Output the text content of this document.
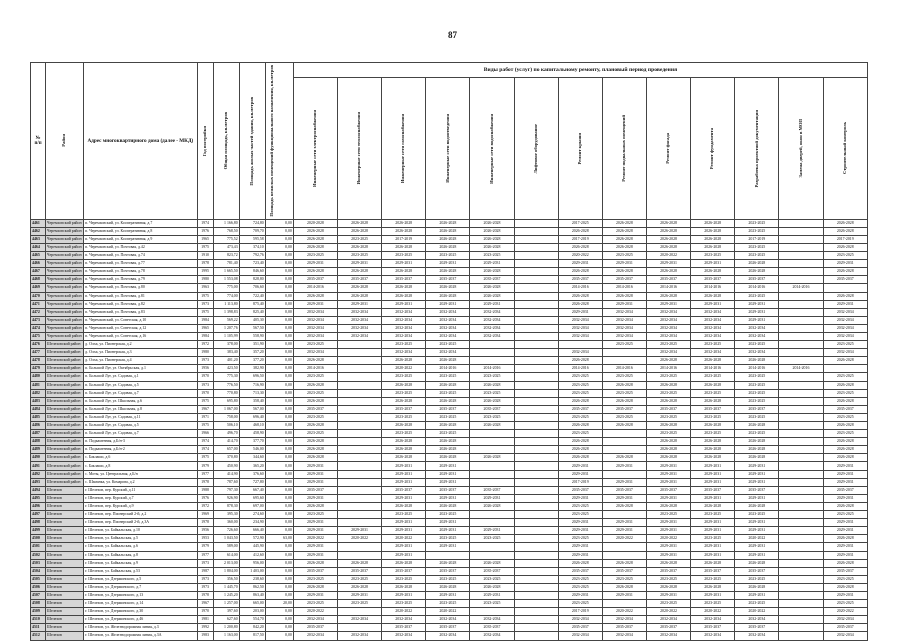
87
№
п/п	Район	Адрес многоквартирного дома (далее - МКД)	Год постройки	Общая площадь, кв.метров	Площадь жилых частей здания, кв.метров	Площадь нежилых помещений функционального назначения, кв.метров	Виды работ (услуг) по капитальному ремонту, плановый период проведения												

							Инженерные сети электроснабжения	Инженерные сети теплоснабжения	Инженерные сети газоснабжения	Инженерные сети водоотведения	Инженерные сети водоснабжения	Лифтовое оборудование	Ремонт крыши	Ремонт подвальных помещений	Ремонт фасада	Ремонт фундамента	Разработка проектной документации	Замена дверей, окон в МОП	Строительный контроль

4461	Черемховский район	п. Черемховский, ул. Кооперативная, д.7	1974	1 166,80	724,80	0,00	2020-2028	2026-2028	2026-2028	2026-2028	2026-2028		2017-2025	2026-2028	2026-2028	2026-2028	2023-2025		2026-2028
4462	Черемховский район	п. Черемховский, ул. Кооперативная, д.8	1976	768,50	709,70	0,00	2026-2028	2026-2028	2026-2028	2026-2028	2026-2028		2026-2028	2026-2028	2026-2028	2026-2028	2023-2025		2026-2028
4463	Черемховский район	п. Черемховский, ул. Кооперативная, д.9	1965	775,52	595,58	0,00	2026-2028	2023-2025	2017-2019	2026-2028	2026-2028		2017-2019	2026-2028	2026-2028	2026-2028	2017-2019		2017-2019
4464	Черемховский район	п. Черемховский, ул. Почтовая, д.42	1975	473,43	374,10	0,00	2026-2028	2026-2028	2026-2028	2026-2028	2026-2028		2026-2028	2026-2028	2026-2028	2026-2028	2023-2025		2026-2028
4465	Черемховский район	п. Черемховский, ул. Почтовая, д.74	1910	823,72	792,76	0,00	2023-2025	2023-2025	2023-2025	2023-2025	2023-2025		2020-2022	2023-2025	2020-2022	2023-2025	2023-2025		2023-2025
4466	Черемховский район	п. Черемховский, ул. Почтовая, д.77	1978	781,40	723,40	0,00	2029-2031	2029-2031	2029-2031	2029-2031	2029-2031		2029-2031	2029-2031	2029-2031	2029-2031	2026-2028		2029-2031
4467	Черемховский район	п. Черемховский, ул. Почтовая, д.78	1995	1 665,50	846,60	0,00	2026-2028	2026-2028	2026-2028	2026-2028	2026-2028		2026-2028	2026-2028	2026-2028	2026-2028	2026-2028		2026-2028
4468	Черемховский район	п. Черемховский, ул. Почтовая, д.79	1980	1 553,08	828,80	0,00	2035-2037	2035-2037	2035-2037	2035-2037	2035-2037		2035-2037	2035-2037	2035-2037	2035-2037	2035-2037		2035-2037
4469	Черемховский район	п. Черемховский, ул. Почтовая, д.80	1963	775,00	706,60	0,00	2014-2016	2026-2028	2026-2028	2026-2028	2026-2028		2014-2016	2014-2016	2014-2016	2014-2016	2014-2016	2014-2016	
4470	Черемховский район	п. Черемховский, ул. Почтовая, д.81	1975	774,00	722,40	0,00	2026-2028	2026-2028	2026-2028	2026-2028	2026-2028		2026-2028	2026-2028	2026-2028	2026-2028	2023-2025		2026-2028
4471	Черемховский район	п. Черемховский, ул. Почтовая, д.82	1973	1 113,80	875,40	0,00	2029-2031	2029-2031	2029-2031	2029-2031	2029-2031		2026-2028	2029-2031	2029-2031	2029-2031	2029-2031		2029-2031
4472	Черемховский район	п. Черемховский, ул. Почтовая, д.83	1975	1 398,83	825,40	0,00	2032-2034	2032-2034	2032-2034	2032-2034	2032-2034		2029-2031	2032-2034	2032-2034	2032-2034	2029-2031		2032-2034
4473	Черемховский район	п. Черемховский, ул. Советская, д.10	1984	569,22	405,30	0,00	2032-2034	2032-2034	2032-2034	2032-2034	2032-2034		2032-2034	2032-2034	2032-2034	2032-2034	2029-2031		2032-2034
4474	Черемховский район	п. Черемховский, ул. Советская, д.12	1965	1 207,76	567,50	0,00	2032-2034	2032-2034	2032-2034	2032-2034	2032-2034		2032-2034	2032-2034	2032-2034	2032-2034	2032-2034		2032-2034
4475	Черемховский район	п. Черемховский, ул. Советская, д.16	1984	1 105,99	558,90	0,00	2032-2034	2032-2034	2032-2034	2032-2034	2032-2034		2032-2034	2032-2034	2032-2034	2032-2034	2032-2034		2032-2034
4476	Шелеховский район	д. Олха, ул. Пионерская, д.2	1972	378,00	351,90	0,00	2023-2025		2023-2025	2023-2025				2023-2025	2023-2025	2023-2025	2023-2025		2023-2025
4477	Шелеховский район	д. Олха, ул. Пионерская, д.3	1980	383,40	357,20	0,00	2032-2034		2032-2034	2032-2034			2032-2034		2032-2034	2032-2034	2032-2034		2032-2034
4478	Шелеховский район	д. Олха, ул. Пионерская, д.4	1973	401,20	377,20	0,00	2026-2028		2026-2028	2026-2028			2026-2028		2026-2028	2026-2028	2026-2028		2026-2028
4479	Шелеховский район	п. Большой Луг, ул. Октябрьская, д.1	1956	423,50	382,90	0,00	2014-2016		2020-2022	2014-2016	2014-2016		2014-2016	2014-2016	2014-2016	2014-2016	2014-2016	2014-2016	
4480	Шелеховский район	п. Большой Луг, ул. Садовая, д.1	1970	775,30	696,50	0,00	2023-2025		2023-2025	2023-2025	2023-2025		2023-2025	2023-2025	2023-2025	2023-2025	2023-2025		2023-2025
4481	Шелеховский район	п. Большой Луг, ул. Садовая, д.5	1973	776,50	716,90	0,00	2026-2028		2026-2028	2026-2028	2026-2028		2023-2025	2026-2028	2026-2028	2026-2028	2023-2025		2026-2028
4482	Шелеховский район	п. Большой Луг, ул. Садовая, д.7	1970	770,80	713,30	0,00	2023-2025		2023-2025	2023-2025	2023-2025		2023-2025	2023-2025	2023-2025	2023-2025	2023-2025		2023-2025
4483	Шелеховский район	п. Большой Луг, ул. Школьная, д.6	1975	695,80	358,40	0,00	2026-2028		2026-2028	2026-2028	2026-2028		2026-2028	2026-2028	2026-2028	2026-2028	2023-2025		2026-2028
4484	Шелеховский район	п. Большой Луг, ул. Школьная, д.8	1967	1 067,00	567,00	0,00	2035-2037		2035-2037	2035-2037	2035-2037		2035-2037	2035-2037	2035-2037	2035-2037	2035-2037		2035-2037
4485	Шелеховский район	п. Большой Луг, ул. Садовая, д.11	1971	758,00	696,40	0,00	2023-2025		2023-2025	2023-2025	2023-2025		2023-2025	2023-2025	2023-2025	2023-2025	2023-2025		2023-2025
4486	Шелеховский район	п. Большой Луг, ул. Садовая, д.5	1975	506,10	468,10	0,00	2026-2028		2026-2028	2026-2028	2026-2028		2026-2028	2026-2028	2026-2028	2026-2028	2026-2028		2026-2028
4487	Шелеховский район	п. Большой Луг, ул. Садовая, д.7	1966	496,70	458,90	0,00	2023-2025		2023-2025	2023-2025			2023-2025		2023-2025	2023-2025	2023-2025		2023-2025
4488	Шелеховский район	п. Подкаменная, д.Б/н-3	1974	414,70	377,70	0,00	2026-2028		2026-2028	2026-2028			2026-2028		2026-2028	2026-2028	2026-2028		2026-2028
4489	Шелеховский район	п. Подкаменная, д.Б/н-2	1974	657,00	546,00	0,00	2026-2028		2026-2028	2026-2028			2026-2028		2026-2028	2026-2028	2026-2028		2026-2028
4490	Шелеховский район	с. Баклаши, д.6	1975	370,80	344,60	0,00	2026-2028		2026-2028	2026-2028	2026-2028		2026-2028	2026-2028	2026-2028	2026-2028	2026-2028		2026-2028
4491	Шелеховский район	с. Баклаши, д.8	1979	450,90	365,20	0,00	2029-2031		2029-2031	2029-2031			2029-2031	2029-2031	2029-2031	2029-2031	2029-2031		2029-2031
4492	Шелеховский район	с. Моты, ул. Центральная, д.Б/н	1977	414,90	376,60	0,00	2029-2031		2029-2031	2029-2031			2029-2031		2029-2031	2029-2031	2029-2031		2029-2031
4493	Шелеховский район	с. Шаманка, ул. Комарова, д.2	1978	787,60	727,80	0,00	2029-2031		2029-2031	2029-2031			2017-2019	2029-2031	2029-2031	2029-2031	2029-2031		2029-2031
4494	Шелехов	г. Шелехов, пер. Курский, д.11	1988	797,30	667,40	0,00	2035-2037		2035-2037	2035-2037	2035-2037		2035-2037	2035-2037	2035-2037	2035-2037	2035-2037		2035-2037
4495	Шелехов	г. Шелехов, пер. Курский, д.7	1976	926,90	695,60	0,00	2029-2031		2029-2031	2029-2031	2029-2031		2029-2031	2029-2031	2029-2031	2029-2031	2029-2031		2029-2031
4496	Шелехов	г. Шелехов, пер. Курский, д.9	1972	878,30	697,00	0,00	2026-2028		2026-2028	2026-2028	2026-2028		2023-2025	2026-2028	2026-2028	2026-2028	2026-2028		2026-2028
4497	Шелехов	г. Шелехов, пер. Пионерский 2-й, д.2	1969	395,30	274,60	0,00	2023-2025		2023-2025	2023-2025			2023-2025		2023-2025	2023-2025	2023-2025		2023-2025
4498	Шелехов	г. Шелехов, пер. Пионерский 2-й, д.3А	1978	360,00	234,90	0,00	2029-2031		2029-2031	2029-2031			2029-2031	2029-2031	2029-2031	2029-2031	2029-2031		2029-2031
4499	Шелехов	г. Шелехов, ул. Байкальская, д.10	1956	726,60	666,40	0,00	2029-2031	2029-2031	2029-2031	2029-2031	2029-2031		2029-2031	2029-2031	2029-2031	2029-2031	2029-2031		2029-2031
4500	Шелехов	г. Шелехов, ул. Байкальская, д.5	1953	1 043,50	572,90	63,00	2020-2022	2020-2022	2020-2022	2023-2025	2023-2025		2023-2025	2020-2022	2020-2022	2023-2025	2020-2022		2026-2028
4501	Шелехов	г. Шелехов, ул. Байкальская, д.6	1979	589,00	445,90	0,00	2029-2031		2029-2031	2029-2031			2029-2031		2029-2031	2029-2031	2029-2031		2029-2031
4502	Шелехов	г. Шелехов, ул. Байкальская, д.8	1977	614,00	412,60	0,00	2029-2031		2029-2031				2029-2031		2029-2031	2029-2031	2029-2031		2029-2031
4503	Шелехов	г. Шелехов, ул. Байкальская, д.9	1973	2 013,00	956,00	0,00	2026-2028	2026-2028	2026-2028	2026-2028	2026-2028		2026-2028	2026-2028	2026-2028	2026-2028	2026-2028		2026-2028
4504	Шелехов	г. Шелехов, ул. Байкальская, д.53	1987	1 804,00	1 403,00	0,00	2035-2037	2035-2037	2035-2037	2035-2037	2035-2037		2035-2037	2035-2037	2035-2037	2035-2037	2035-2037		2035-2037
4505	Шелехов	г. Шелехов, ул. Дзержинского, д.5	1973	356,50	238,60	0,00	2023-2025	2023-2025	2023-2025	2023-2025	2023-2025		2023-2025	2023-2025	2023-2025	2023-2025	2023-2025		2023-2025
4506	Шелехов	г. Шелехов, ул. Дзержинского, д.7	1973	1 445,70	862,50	0,00	2026-2028	2026-2028	2026-2028	2026-2028	2026-2028		2023-2025	2026-2028	2026-2028	2026-2028	2026-2028		2026-2028
4507	Шелехов	г. Шелехов, ул. Дзержинского, д.13	1978	1 245,20	863,40	0,00	2029-2031	2029-2031	2029-2031	2029-2031	2029-2031		2029-2031	2029-2031	2029-2031	2029-2031	2029-2031		2029-2031
4508	Шелехов	г. Шелехов, ул. Дзержинского, д.14	1967	1 257,00	665,00	20,00	2023-2025	2023-2025	2023-2025	2023-2025	2023-2025		2023-2025		2023-2025	2023-2025	2023-2025		2023-2025
4509	Шелехов	г. Шелехов, ул. Дзержинского, д.30	1970	397,60	203,00	0,00	2020-2022		2020-2022	2020-2022			2017-2019	2020-2022	2020-2022	2020-2022	2020-2022		2020-2022
4510	Шелехов	г. Шелехов, ул. Дзержинского, д.46	1981	627,60	554,70	0,00	2032-2034	2032-2034	2032-2034	2032-2034	2032-2034		2032-2034	2032-2034	2032-2034	2032-2034	2032-2034		2032-2034
4511	Шелехов	г. Шелехов, ул. Железнодорожная линия, д.3	1992	1 200,80	842,20	0,00	2035-2037		2035-2037	2035-2037	2035-2037		2035-2037	2035-2037	2035-2037	2035-2037	2035-2037		2035-2037
4512	Шелехов	г. Шелехов, ул. Железнодорожная линия, д.3А	1983	1 163,00	817,50	0,00	2032-2034	2032-2034	2032-2034	2032-2034	2032-2034		2032-2034	2032-2034	2032-2034	2032-2034	2032-2034		2032-2034
